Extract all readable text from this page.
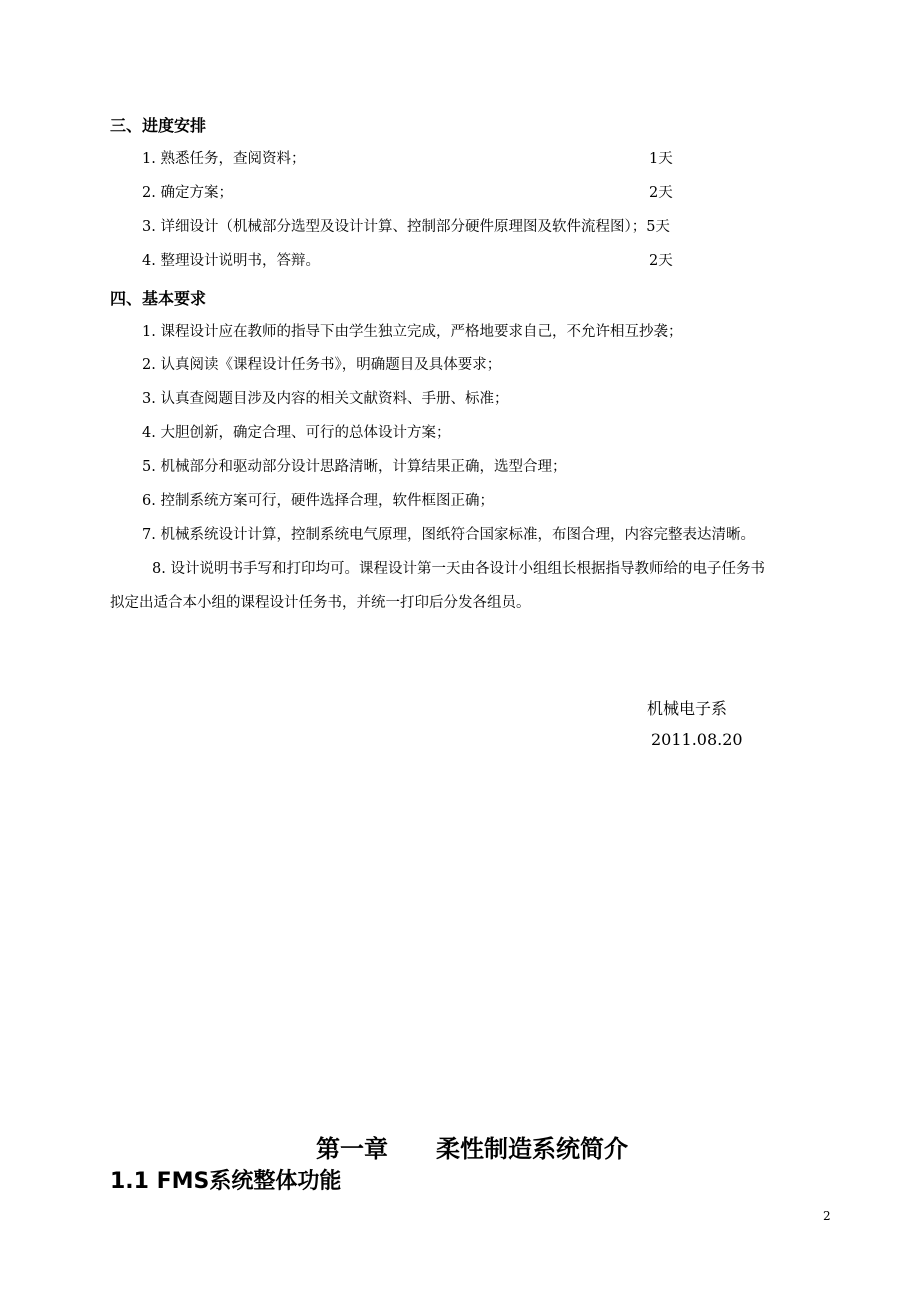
三、进度安排
1. 熟悉任务，查阅资料；	1天
2. 确定方案；	2天
3. 详细设计（机械部分选型及设计计算、控制部分硬件原理图及软件流程图）；5天
4. 整理设计说明书，答辩。	2天
四、基本要求
1. 课程设计应在教师的指导下由学生独立完成，严格地要求自己，不允许相互抄袭；
2. 认真阅读《课程设计任务书》，明确题目及具体要求；
3. 认真查阅题目涉及内容的相关文献资料、手册、标准；
4. 大胆创新，确定合理、可行的总体设计方案；
5. 机械部分和驱动部分设计思路清晰，计算结果正确，选型合理；
6. 控制系统方案可行，硬件选择合理，软件框图正确；
7. 机械系统设计计算，控制系统电气原理，图纸符合国家标准，布图合理，内容完整表达清晰。
8. 设计说明书手写和打印均可。课程设计第一天由各设计小组组长根据指导教师给的电子任务书
拟定出适合本小组的课程设计任务书，并统一打印后分发各组员。
机械电子系
2011.08.20
第一章　　柔性制造系统简介
1.1 FMS系统整体功能
2
